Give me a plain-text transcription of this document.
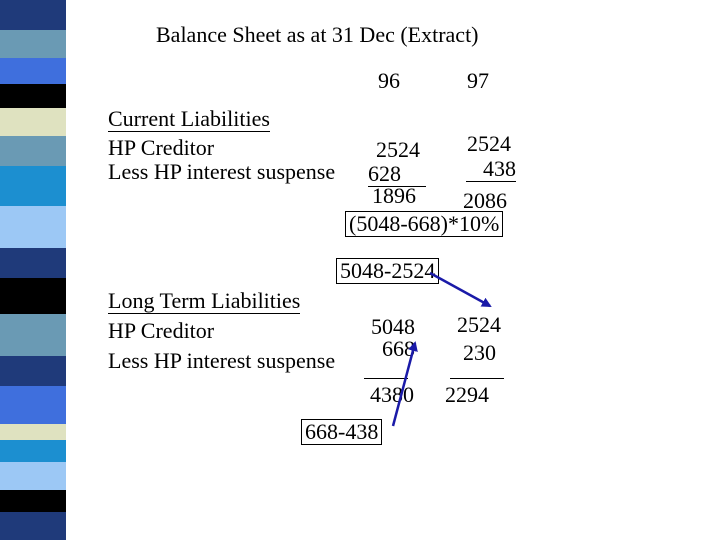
Balance Sheet as at 31 Dec (Extract)
96	97
Current Liabilities
HP Creditor
Less HP interest suspense
2524 2524
628	438
1896 2086
(5048-668)*10%
5048-2524
Long Term Liabilities
HP Creditor
Less HP interest suspense
5048 2524
668 230
4380 2294
668-438
